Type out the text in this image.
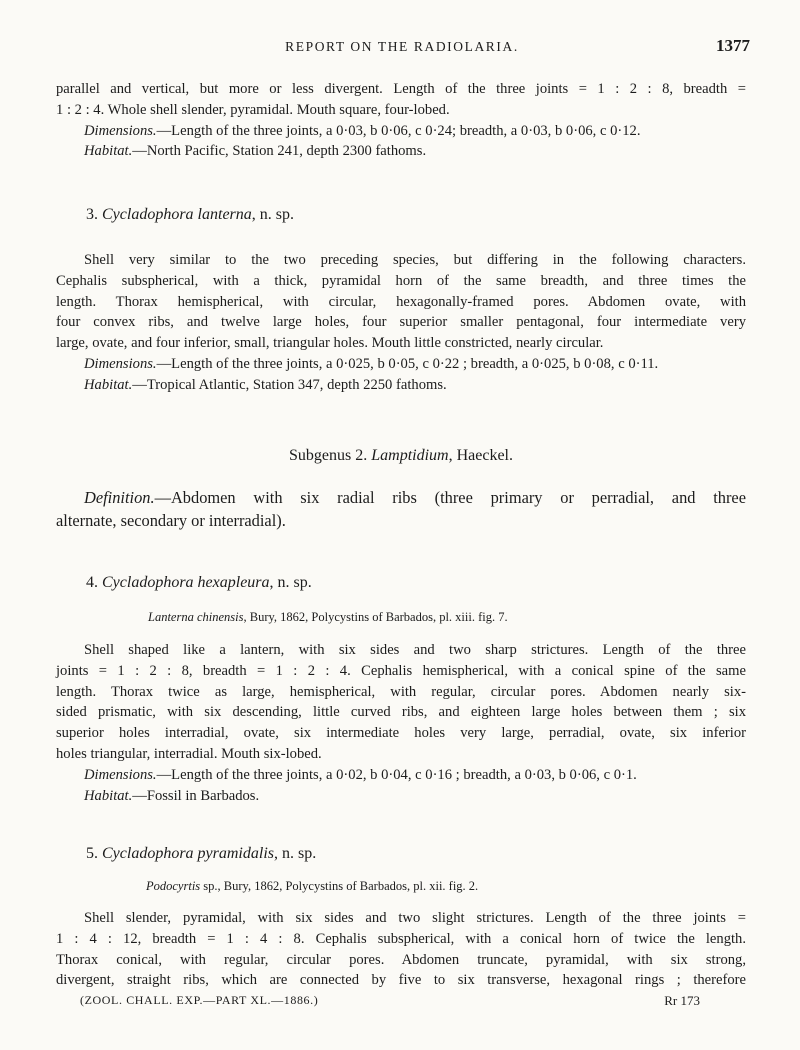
REPORT ON THE RADIOLARIA.	1377
parallel and vertical, but more or less divergent. Length of the three joints = 1 : 2 : 8, breadth =
1 : 2 : 4. Whole shell slender, pyramidal. Mouth square, four-lobed.
Dimensions.—Length of the three joints, a 0·03, b 0·06, c 0·24; breadth, a 0·03, b 0·06, c 0·12.
Habitat.—North Pacific, Station 241, depth 2300 fathoms.
3. Cycladophora lanterna, n. sp.
Shell very similar to the two preceding species, but differing in the following characters.
Cephalis subspherical, with a thick, pyramidal horn of the same breadth, and three times the
length. Thorax hemispherical, with circular, hexagonally-framed pores. Abdomen ovate, with
four convex ribs, and twelve large holes, four superior smaller pentagonal, four intermediate very
large, ovate, and four inferior, small, triangular holes. Mouth little constricted, nearly circular.
Dimensions.—Length of the three joints, a 0·025, b 0·05, c 0·22 ; breadth, a 0·025, b 0·08, c 0·11.
Habitat.—Tropical Atlantic, Station 347, depth 2250 fathoms.
Subgenus 2. Lamptidium, Haeckel.
Definition.—Abdomen with six radial ribs (three primary or perradial, and three
alternate, secondary or interradial).
4. Cycladophora hexapleura, n. sp.
Lanterna chinensis, Bury, 1862, Polycystins of Barbados, pl. xiii. fig. 7.
Shell shaped like a lantern, with six sides and two sharp strictures. Length of the three
joints = 1 : 2 : 8, breadth = 1 : 2 : 4. Cephalis hemispherical, with a conical spine of the same
length. Thorax twice as large, hemispherical, with regular, circular pores. Abdomen nearly six-
sided prismatic, with six descending, little curved ribs, and eighteen large holes between them ; six
superior holes interradial, ovate, six intermediate holes very large, perradial, ovate, six inferior
holes triangular, interradial. Mouth six-lobed.
Dimensions.—Length of the three joints, a 0·02, b 0·04, c 0·16 ; breadth, a 0·03, b 0·06, c 0·1.
Habitat.—Fossil in Barbados.
5. Cycladophora pyramidalis, n. sp.
Podocyrtis sp., Bury, 1862, Polycystins of Barbados, pl. xii. fig. 2.
Shell slender, pyramidal, with six sides and two slight strictures. Length of the three joints =
1 : 4 : 12, breadth = 1 : 4 : 8. Cephalis subspherical, with a conical horn of twice the length.
Thorax conical, with regular, circular pores. Abdomen truncate, pyramidal, with six strong,
divergent, straight ribs, which are connected by five to six transverse, hexagonal rings ; therefore
(ZOOL. CHALL. EXP.—PART XL.—1886.)	Rr 173
